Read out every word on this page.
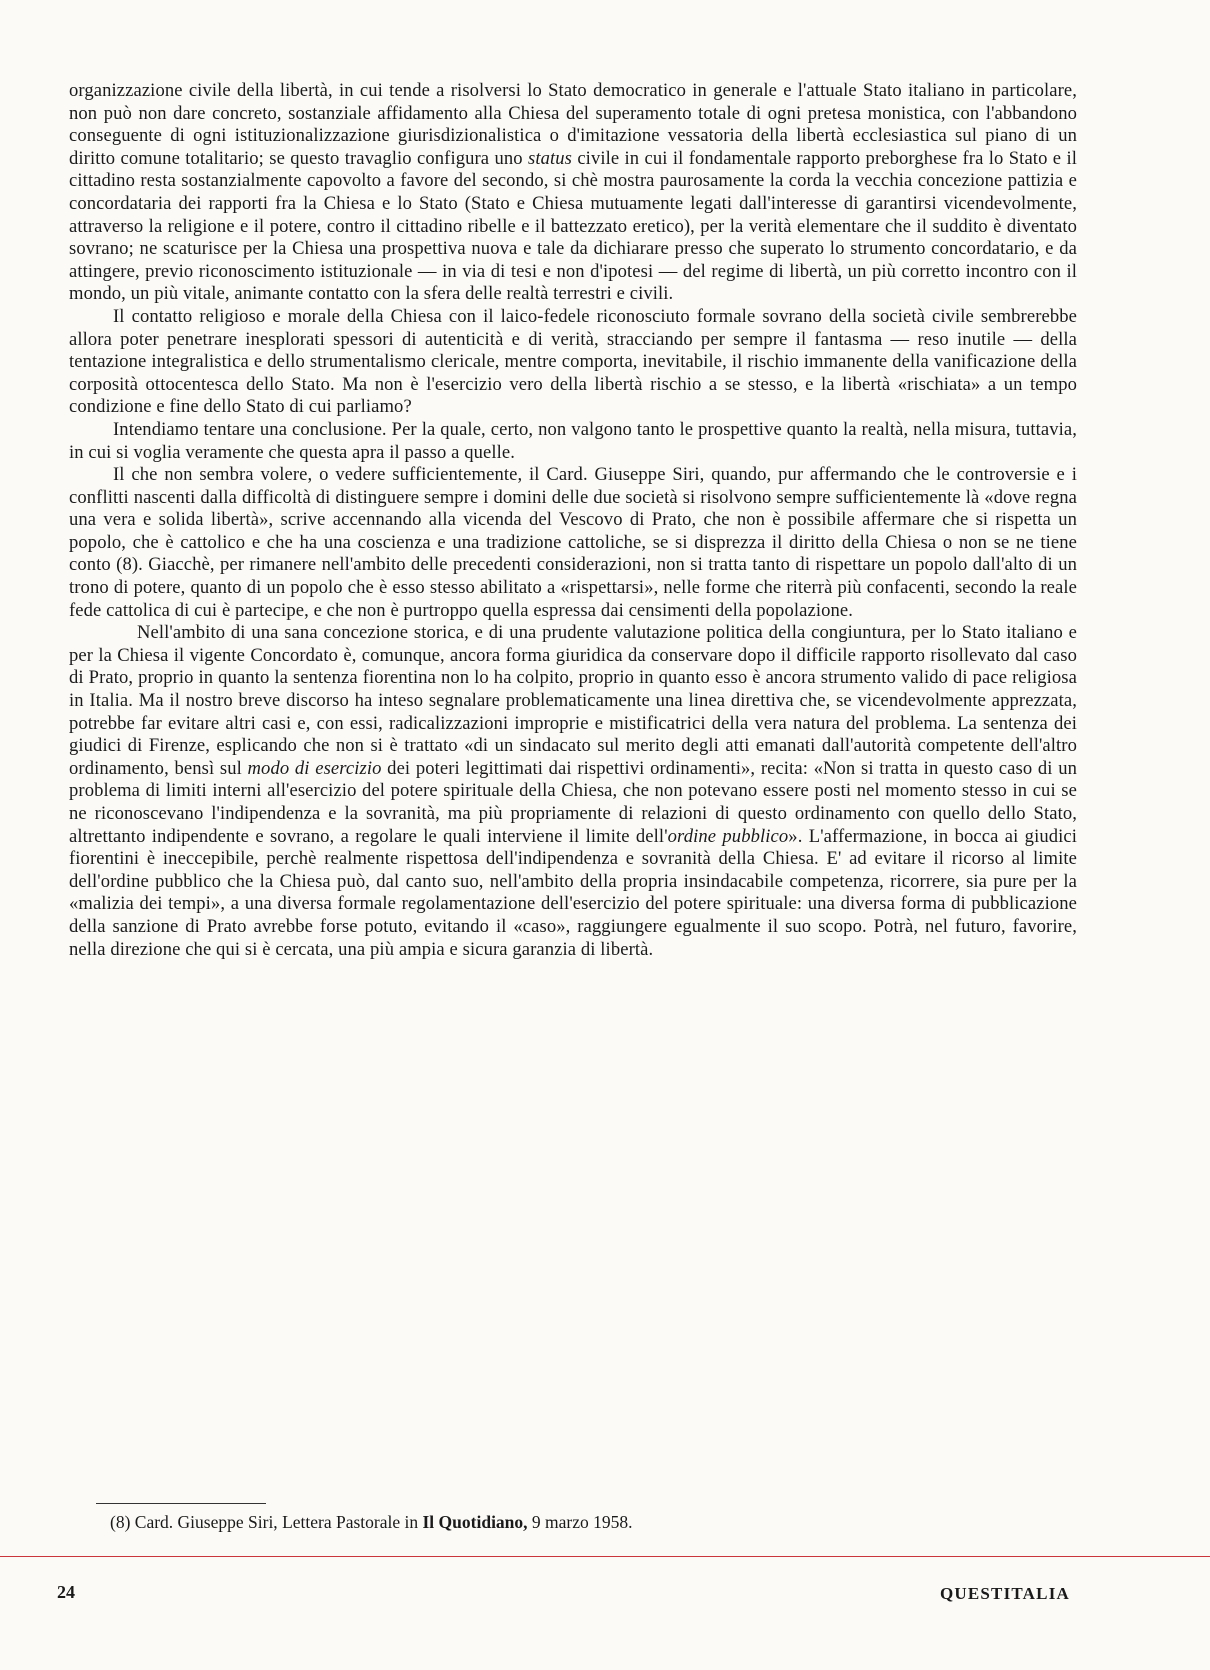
organizzazione civile della libertà, in cui tende a risolversi lo Stato democratico in generale e l'attuale Stato italiano in particolare, non può non dare concreto, sostanziale affidamento alla Chiesa del superamento totale di ogni pretesa monistica, con l'abbandono conseguente di ogni istituzionalizzazione giurisdizionalistica o d'imitazione vessatoria della libertà ecclesiastica sul piano di un diritto comune totalitario; se questo travaglio configura uno status civile in cui il fondamentale rapporto preborghese fra lo Stato e il cittadino resta sostanzialmente capovolto a favore del secondo, si chè mostra paurosamente la corda la vecchia concezione pattizia e concordataria dei rapporti fra la Chiesa e lo Stato (Stato e Chiesa mutuamente legati dall'interesse di garantirsi vicendevolmente, attraverso la religione e il potere, contro il cittadino ribelle e il battezzato eretico), per la verità elementare che il suddito è diventato sovrano; ne scaturisce per la Chiesa una prospettiva nuova e tale da dichiarare presso che superato lo strumento concordatario, e da attingere, previo riconoscimento istituzionale — in via di tesi e non d'ipotesi — del regime di libertà, un più corretto incontro con il mondo, un più vitale, animante contatto con la sfera delle realtà terrestri e civili.

Il contatto religioso e morale della Chiesa con il laico-fedele riconosciuto formale sovrano della società civile sembrerebbe allora poter penetrare inesplorati spessori di autenticità e di verità, stracciando per sempre il fantasma — reso inutile — della tentazione integralistica e dello strumentalismo clericale, mentre comporta, inevitabile, il rischio immanente della vanificazione della corposità ottocentesca dello Stato. Ma non è l'esercizio vero della libertà rischio a se stesso, e la libertà «rischiata» a un tempo condizione e fine dello Stato di cui parliamo?

Intendiamo tentare una conclusione. Per la quale, certo, non valgono tanto le prospettive quanto la realtà, nella misura, tuttavia, in cui si voglia veramente che questa apra il passo a quelle.

Il che non sembra volere, o vedere sufficientemente, il Card. Giuseppe Siri, quando, pur affermando che le controversie e i conflitti nascenti dalla difficoltà di distinguere sempre i domini delle due società si risolvono sempre sufficientemente là «dove regna una vera e solida libertà», scrive accennando alla vicenda del Vescovo di Prato, che non è possibile affermare che si rispetta un popolo, che è cattolico e che ha una coscienza e una tradizione cattoliche, se si disprezza il diritto della Chiesa o non se ne tiene conto (8). Giacchè, per rimanere nell'ambito delle precedenti considerazioni, non si tratta tanto di rispettare un popolo dall'alto di un trono di potere, quanto di un popolo che è esso stesso abilitato a «rispettarsi», nelle forme che riterrà più confacenti, secondo la reale fede cattolica di cui è partecipe, e che non è purtroppo quella espressa dai censimenti della popolazione.

Nell'ambito di una sana concezione storica, e di una prudente valutazione politica della congiuntura, per lo Stato italiano e per la Chiesa il vigente Concordato è, comunque, ancora forma giuridica da conservare dopo il difficile rapporto risollevato dal caso di Prato, proprio in quanto la sentenza fiorentina non lo ha colpito, proprio in quanto esso è ancora strumento valido di pace religiosa in Italia. Ma il nostro breve discorso ha inteso segnalare problematicamente una linea direttiva che, se vicendevolmente apprezzata, potrebbe far evitare altri casi e, con essi, radicalizzazioni improprie e mistificatrici della vera natura del problema. La sentenza dei giudici di Firenze, esplicando che non si è trattato «di un sindacato sul merito degli atti emanati dall'autorità competente dell'altro ordinamento, bensì sul modo di esercizio dei poteri legittimati dai rispettivi ordinamenti», recita: «Non si tratta in questo caso di un problema di limiti interni all'esercizio del potere spirituale della Chiesa, che non potevano essere posti nel momento stesso in cui se ne riconoscevano l'indipendenza e la sovranità, ma più propriamente di relazioni di questo ordinamento con quello dello Stato, altrettanto indipendente e sovrano, a regolare le quali interviene il limite dell'ordine pubblico». L'affermazione, in bocca ai giudici fiorentini è ineccepibile, perchè realmente rispettosa dell'indipendenza e sovranità della Chiesa. E' ad evitare il ricorso al limite dell'ordine pubblico che la Chiesa può, dal canto suo, nell'ambito della propria insindacabile competenza, ricorrere, sia pure per la «malizia dei tempi», a una diversa formale regolamentazione dell'esercizio del potere spirituale: una diversa forma di pubblicazione della sanzione di Prato avrebbe forse potuto, evitando il «caso», raggiungere egualmente il suo scopo. Potrà, nel futuro, favorire, nella direzione che qui si è cercata, una più ampia e sicura garanzia di libertà.

(8) Card. Giuseppe Siri, Lettera Pastorale in Il Quotidiano, 9 marzo 1958.
24	QUESTITALIA
